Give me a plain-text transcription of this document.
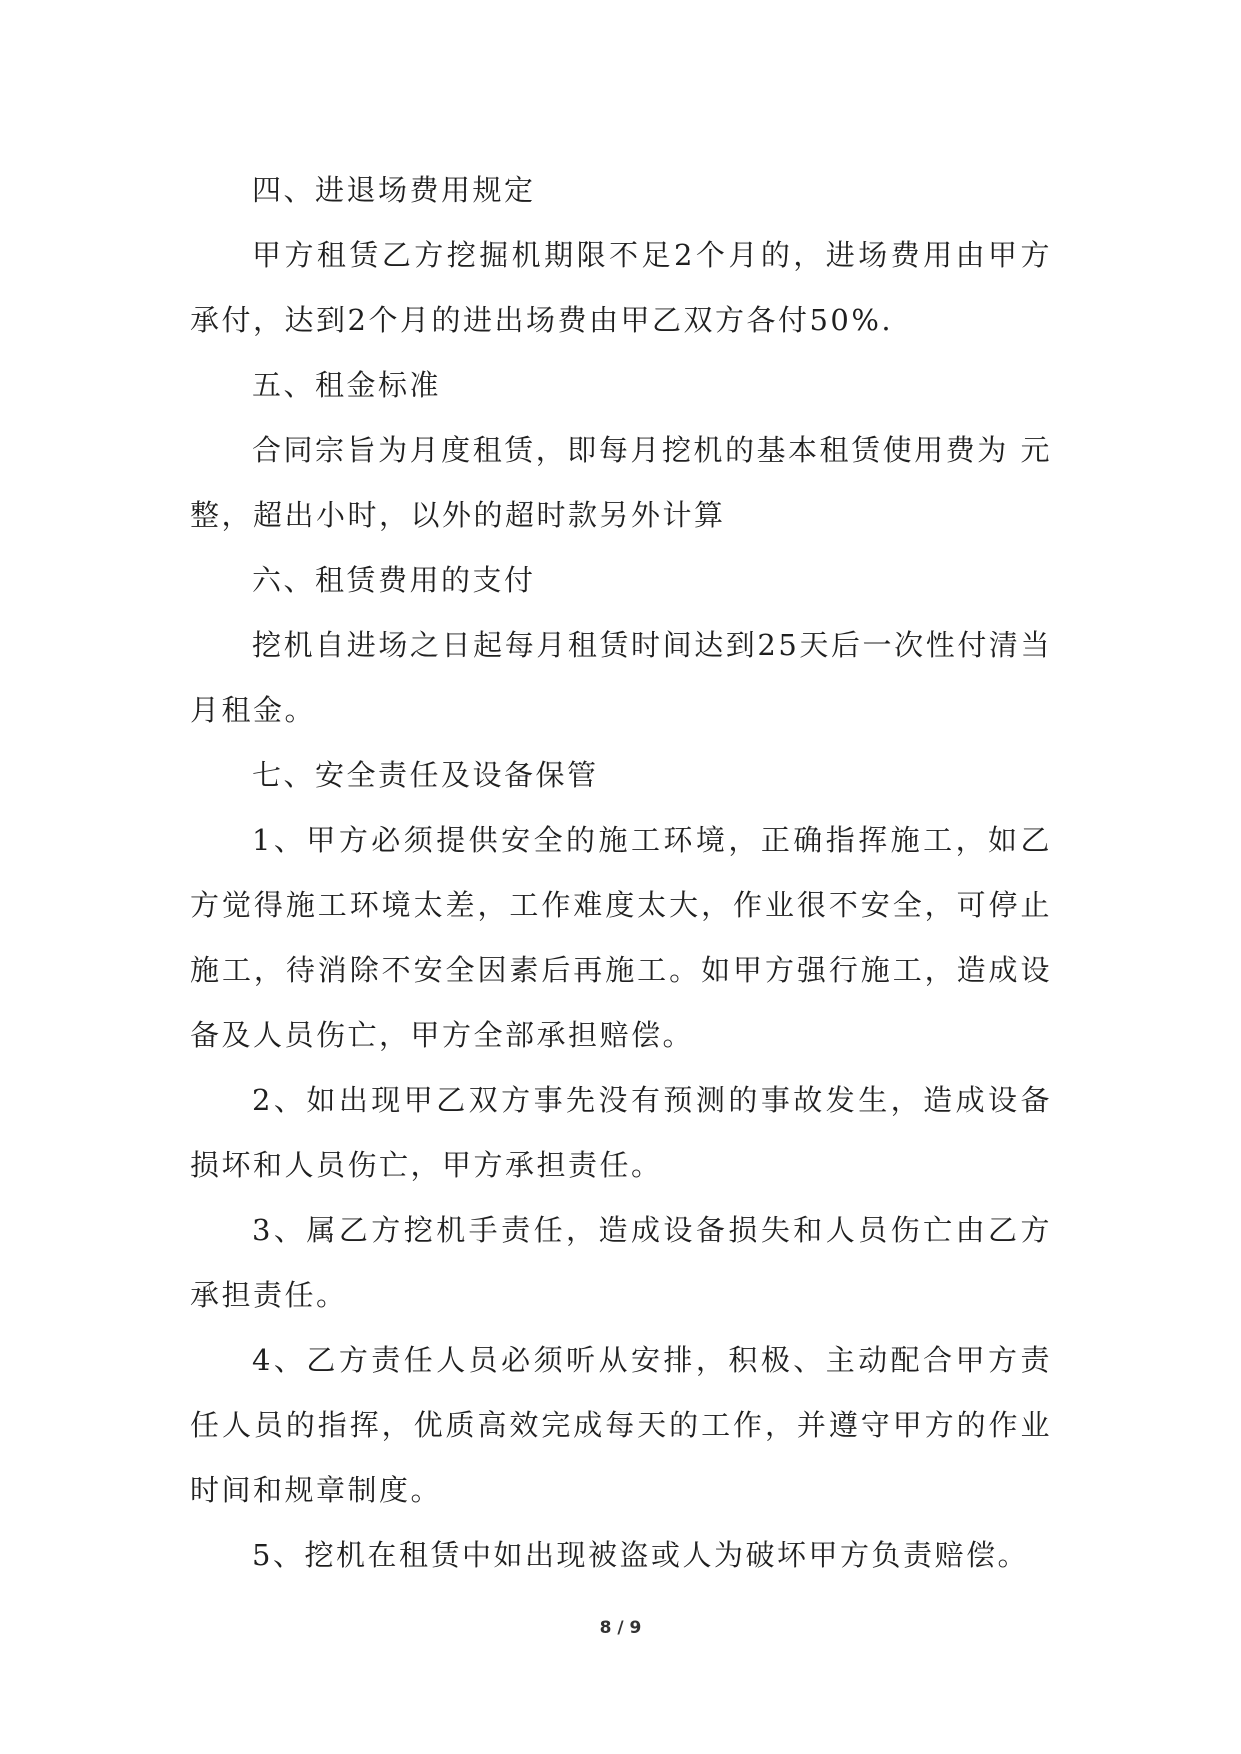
四、进退场费用规定

甲方租赁乙方挖掘机期限不足2个月的，进场费用由甲方承付，达到2个月的进出场费由甲乙双方各付50%.

五、租金标准

合同宗旨为月度租赁，即每月挖机的基本租赁使用费为 元整，超出小时，以外的超时款另外计算

六、租赁费用的支付

挖机自进场之日起每月租赁时间达到25天后一次性付清当月租金。

七、安全责任及设备保管

1、甲方必须提供安全的施工环境，正确指挥施工，如乙方觉得施工环境太差，工作难度太大，作业很不安全，可停止施工，待消除不安全因素后再施工。如甲方强行施工，造成设备及人员伤亡，甲方全部承担赔偿。

2、如出现甲乙双方事先没有预测的事故发生，造成设备损坏和人员伤亡，甲方承担责任。

3、属乙方挖机手责任，造成设备损失和人员伤亡由乙方承担责任。

4、乙方责任人员必须听从安排，积极、主动配合甲方责任人员的指挥，优质高效完成每天的工作，并遵守甲方的作业时间和规章制度。

5、挖机在租赁中如出现被盗或人为破坏甲方负责赔偿。

8 / 9
